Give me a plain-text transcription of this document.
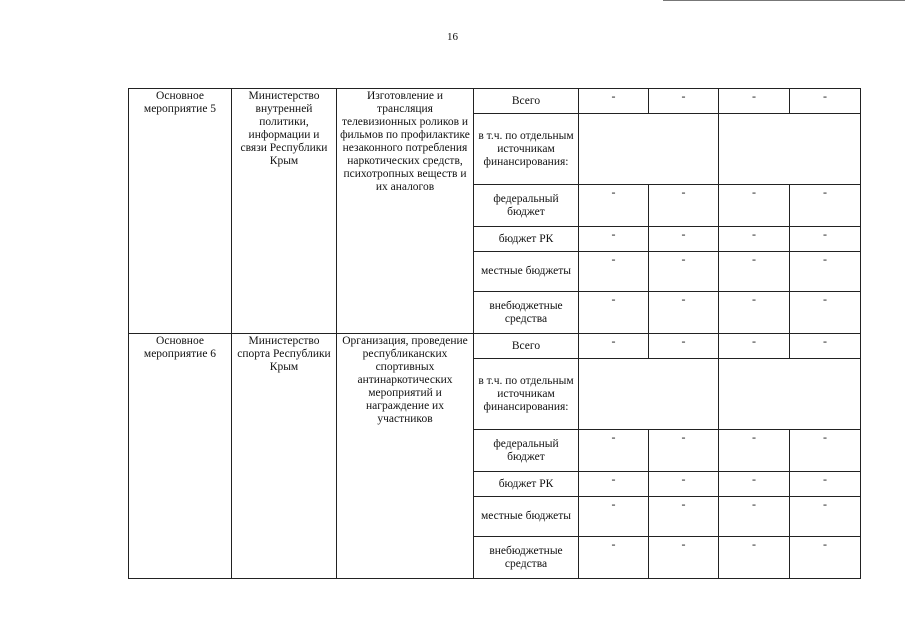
16
Основное мероприятие 5	Министерство внутренней политики, информации и связи Республики Крым	Изготовление и трансляция телевизионных роликов и фильмов по профилактике незаконного потребления наркотических средств, психотропных веществ и их аналогов	Всего	-	-	-	-
			в т.ч. по отдельным источникам финансирования:				
			федеральный бюджет	-	-	-	-
			бюджет РК	-	-	-	-
			местные бюджеты	-	-	-	-
			внебюджетные средства	-	-	-	-
Основное мероприятие 6	Министерство спорта Республики Крым	Организация, проведение республиканских спортивных антинаркотических мероприятий и награждение их участников	Всего	-	-	-	-
			в т.ч. по отдельным источникам финансирования:				
			федеральный бюджет	-	-	-	-
			бюджет РК	-	-	-	-
			местные бюджеты	-	-	-	-
			внебюджетные средства	-	-	-	-
